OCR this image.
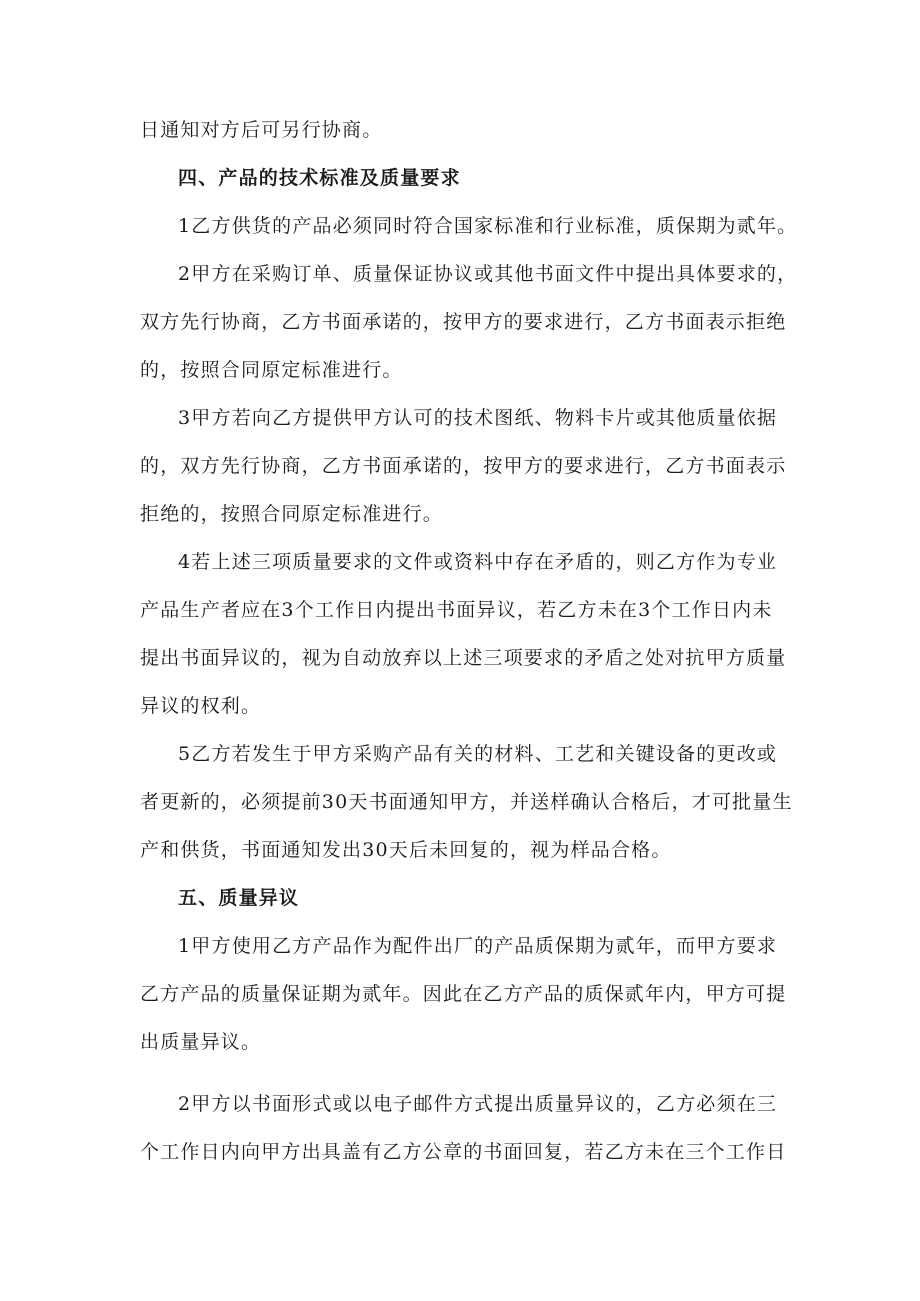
日通知对方后可另行协商。
四、产品的技术标准及质量要求
1乙方供货的产品必须同时符合国家标准和行业标准，质保期为贰年。
2甲方在采购订单、质量保证协议或其他书面文件中提出具体要求的，
双方先行协商，乙方书面承诺的，按甲方的要求进行，乙方书面表示拒绝
的，按照合同原定标准进行。
3甲方若向乙方提供甲方认可的技术图纸、物料卡片或其他质量依据
的，双方先行协商，乙方书面承诺的，按甲方的要求进行，乙方书面表示
拒绝的，按照合同原定标准进行。
4若上述三项质量要求的文件或资料中存在矛盾的，则乙方作为专业
产品生产者应在3个工作日内提出书面异议，若乙方未在3个工作日内未
提出书面异议的，视为自动放弃以上述三项要求的矛盾之处对抗甲方质量
异议的权利。
5乙方若发生于甲方采购产品有关的材料、工艺和关键设备的更改或
者更新的，必须提前30天书面通知甲方，并送样确认合格后，才可批量生
产和供货，书面通知发出30天后未回复的，视为样品合格。
五、质量异议
1甲方使用乙方产品作为配件出厂的产品质保期为贰年，而甲方要求
乙方产品的质量保证期为贰年。因此在乙方产品的质保贰年内，甲方可提
出质量异议。
2甲方以书面形式或以电子邮件方式提出质量异议的，乙方必须在三
个工作日内向甲方出具盖有乙方公章的书面回复，若乙方未在三个工作日
